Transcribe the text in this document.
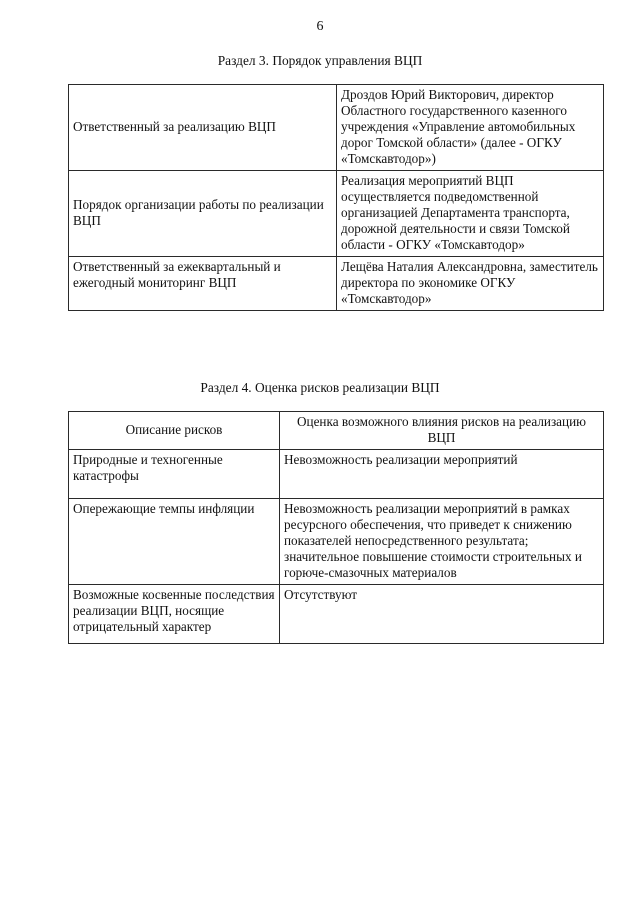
6
Раздел 3. Порядок управления ВЦП
Ответственный за реализацию ВЦП	Дроздов Юрий Викторович, директор Областного государственного казенного учреждения «Управление автомобильных дорог Томской области» (далее - ОГКУ «Томскавтодор»)
Порядок организации работы по реализации ВЦП	Реализация мероприятий ВЦП осуществляется подведомственной организацией Департамента транспорта, дорожной деятельности и связи Томской области - ОГКУ «Томскавтодор»
Ответственный за ежеквартальный и ежегодный мониторинг ВЦП	Лещёва Наталия Александровна, заместитель директора по экономике ОГКУ «Томскавтодор»
Раздел 4. Оценка рисков реализации ВЦП
Описание рисков	Оценка возможного влияния рисков на реализацию ВЦП
Природные и техногенные катастрофы	Невозможность реализации мероприятий
Опережающие темпы инфляции	Невозможность реализации мероприятий в рамках ресурсного обеспечения, что приведет к снижению показателей непосредственного результата; значительное повышение стоимости строительных и горюче-смазочных материалов
Возможные косвенные последствия реализации ВЦП, носящие отрицательный характер	Отсутствуют
